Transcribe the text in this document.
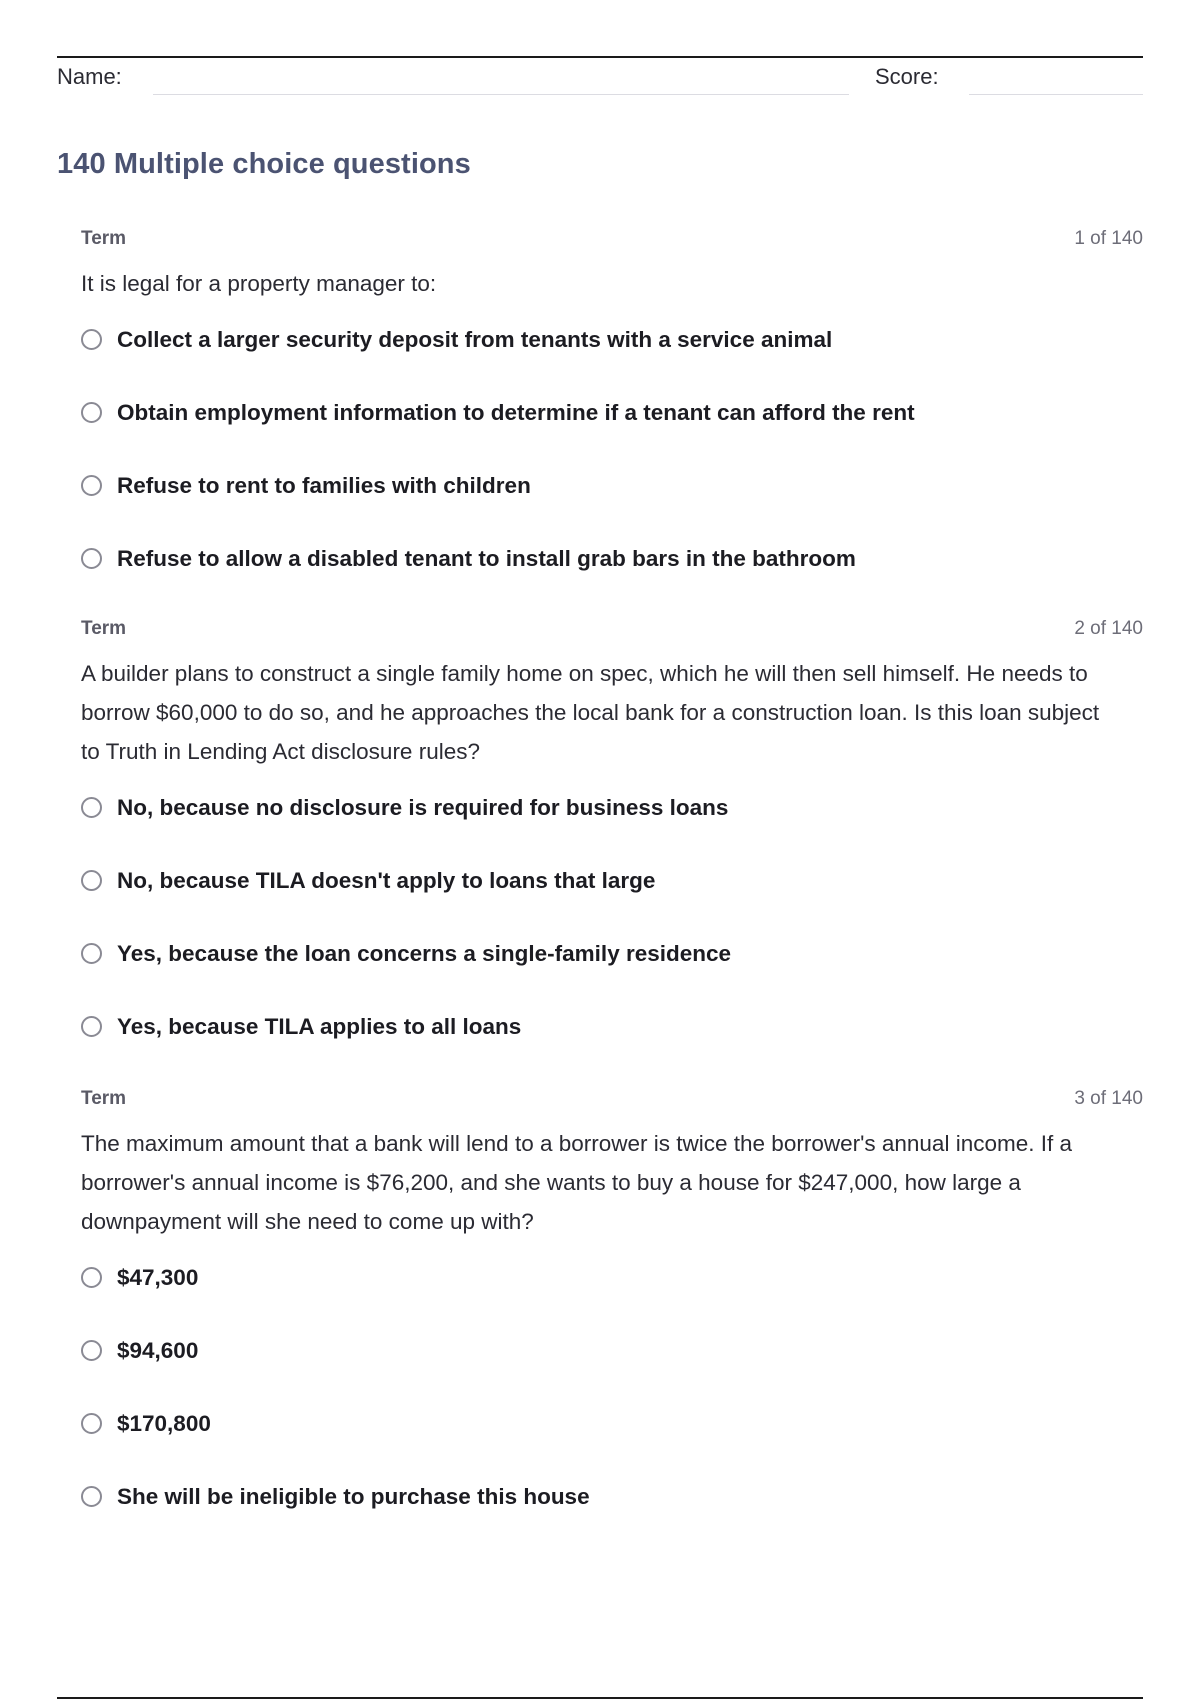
Name:	Score:
140 Multiple choice questions
Term	1 of 140

It is legal for a property manager to:

Collect a larger security deposit from tenants with a service animal
Obtain employment information to determine if a tenant can afford the rent
Refuse to rent to families with children
Refuse to allow a disabled tenant to install grab bars in the bathroom
Term	2 of 140

A builder plans to construct a single family home on spec, which he will then sell himself. He needs to borrow $60,000 to do so, and he approaches the local bank for a construction loan. Is this loan subject to Truth in Lending Act disclosure rules?

No, because no disclosure is required for business loans
No, because TILA doesn't apply to loans that large
Yes, because the loan concerns a single-family residence
Yes, because TILA applies to all loans
Term	3 of 140

The maximum amount that a bank will lend to a borrower is twice the borrower's annual income. If a borrower's annual income is $76,200, and she wants to buy a house for $247,000, how large a downpayment will she need to come up with?

$47,300
$94,600
$170,800
She will be ineligible to purchase this house
